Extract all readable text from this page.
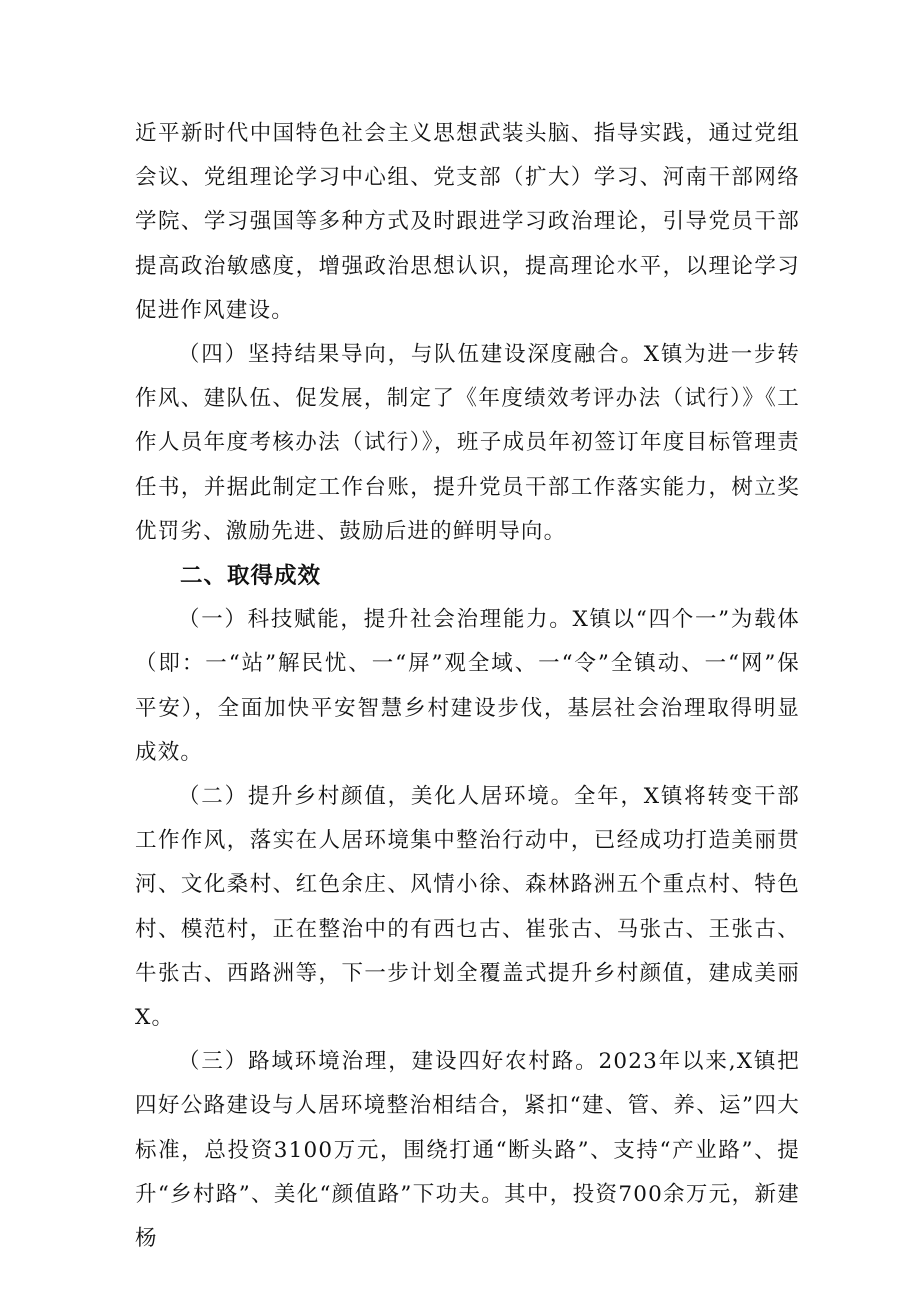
近平新时代中国特色社会主义思想武装头脑、指导实践，通过党组会议、党组理论学习中心组、党支部（扩大）学习、河南干部网络学院、学习强国等多种方式及时跟进学习政治理论，引导党员干部提高政治敏感度，增强政治思想认识，提高理论水平，以理论学习促进作风建设。

（四）坚持结果导向，与队伍建设深度融合。X镇为进一步转作风、建队伍、促发展，制定了《年度绩效考评办法（试行）》《工作人员年度考核办法（试行）》，班子成员年初签订年度目标管理责任书，并据此制定工作台账，提升党员干部工作落实能力，树立奖优罚劣、激励先进、鼓励后进的鲜明导向。

二、取得成效

（一）科技赋能，提升社会治理能力。X镇以“四个一”为载体（即：一“站”解民忧、一“屏”观全域、一“令”全镇动、一“网”保平安），全面加快平安智慧乡村建设步伐，基层社会治理取得明显成效。

（二）提升乡村颜值，美化人居环境。全年，X镇将转变干部工作作风，落实在人居环境集中整治行动中，已经成功打造美丽贯河、文化桑村、红色余庄、风情小徐、森林路洲五个重点村、特色村、模范村，正在整治中的有西乜古、崔张古、马张古、王张古、牛张古、西路洲等，下一步计划全覆盖式提升乡村颜值，建成美丽X。

（三）路域环境治理，建设四好农村路。2023年以来,X镇把四好公路建设与人居环境整治相结合，紧扣“建、管、养、运”四大标准，总投资3100万元，围绕打通“断头路”、支持“产业路”、提升“乡村路”、美化“颜值路”下功夫。其中，投资700余万元，新建杨
